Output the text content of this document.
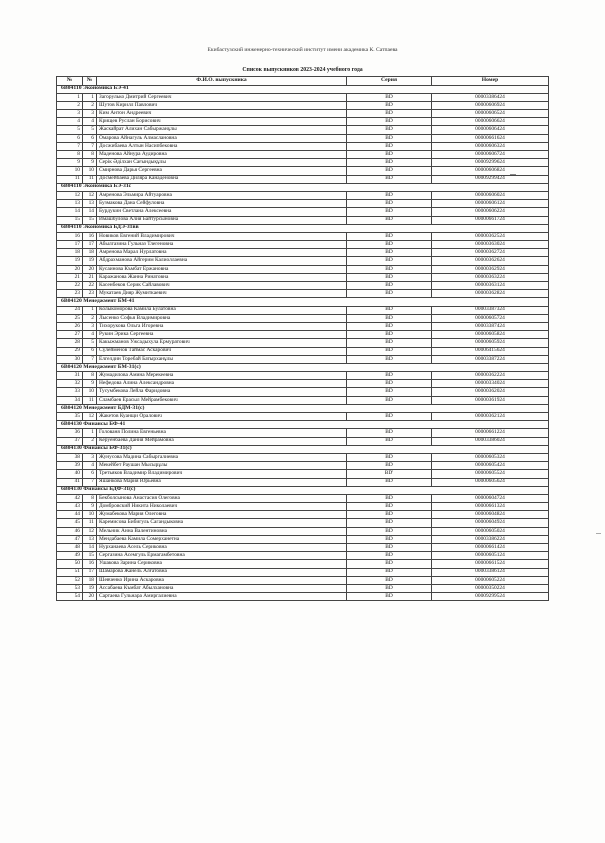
Екибастузский инженерно-технический институт имени академика К. Сатпаева
Список выпускников 2023-2024 учебного года
№	№	Ф.И.О. выпускника	Серия	Номер
6В04110 Экономика БЭ-41				
1	1	Загорулько Дмитрий Сергеевич	BD	00003386424
2	2	Шутов Кирилл Павлович	BD	00000606924
3	3	Ким Антон Андреевич	BD	00000606524
4	4	Крищев Руслан Борисович	BD	00000606624
5	5	Жаскайрат Алихан Сабыржанұлы	BD	00000606424
6	6	Омарова Айнагуль Алмаслановна	BD	00000661624
7	7	Досжибаева Алтын Насипбековна	BD	00000606324
8	8	Маденова Айнура Аудировна	BD	00000606724
9	9	Серік Әділхан Сағындықұлы	BD	00009299624
10	10	Смирнова Дарья Сергеевна	BD	00000606824
11	11	Досмейбаева Диляра Канаденовна	BD	00009299424
6В04110 Экономика БЭ-31с				
12	12	Амренова Эльмира Айтуаровна	BD	00000606024
13	13	Бузмакова Дана Сейфуловна	BD	00000606124
14	14	Бурдукин Светлана Алексеевна	BD	00000606224
15	15	Имашбулова Алия Байтурсыновна	BD	00000661724
6В04110 Экономика БДЭ-31вв				
16	16	Новиков Евгений Владимирович	BD	00000362524
17	17	Абылгазина Гульназ Тлегеновна	BD	00000363024
18	18	Амренова Марал Нурлатовна	BD	00000362724
19	19	Абдрахманова Айгерим Калиоллаевна	BD	00000362624
20	20	Кусаинова Къмбат Ержановна	BD	00000362924
21	21	Каражанова Жанна Ринатовна	BD	00000363224
22	22	Касенбеков Серик Сайлавович	BD	00000363124
23	23	Мукатаев Дияр Жумиткаевич	BD	00000362824
6В04120 Менеджмент БМ-41				
24	1	Колыкоморова Камила Булатовна	BD	00003387324
25	2	Лысенко Софья Владимировна	BD	00000605724
26	3	Тихорукова Ольга Игоревна	BD	00003387424
27	4	Рукин Эрика Сергеевна	BD	00000605824
28	5	Какыжманов Ужсадыхула Ермуратович	BD	00000605924
29	6	Сүлейменов Таймас Аскарович	BD	00006415624
30	7	Елгелдин Торебай Батырханұлы	BD	00003387224
6В04120 Менеджмент БМ-31(с)				
31	8	Жумадилова Амина Мерекеевна	BD	00000362224
32	9	Нефедова Алина Александровна	BD	00000334024
33	10	Тусумбекова Лейла Фаридовна	BD	00000362024
34	11	Сламбаев Ерасыл Мейрамбекович	BD	00000361924
6В04120 Менеджмент БДМ-31(с)				
35	12	Жакетов Куанщи Оралович	BD	00000362124
6В04130 Финансы БФ-41				
36	1	Голованя Полина Евгеньевна	BD	00000661224
37	2	Керуенбаева Дания Мейрамовна	BD	00003386024
6В04130 Финансы БФ-31(с)				
38	3	Жунусова Мадина Сабыргалиевна	BD	00000605324
39	4	Мекейбет Раушан Мысырұлы	BD	00000605424
40	6	Третьяков Владимир Владимирович	BD'	00000605524
41	7	Яшанкова Мария Юрьевна	BD	00000605624
6В04130 Финансы БДФ-31(с)				
42	8	Бекболсынова Анастасия Олеговна	BD	00000604724
43	9	Домбровский Никита Николаевич	BD	00000661324
44	10	Жумабекова Мария Олеговна	BD	00000604824
45	11	Каремисова Бибигуль Сагандыковна	BD	00000604924
46	12	Мельник Анна Валентиновна	BD	00000605024
47	13	Мендабаева Камила Сомерханетна	BD	00003386224
48	14	Нурханаева Асель Сериковна	BD	00000661424
49	15	Сергазина Асемгуль Ермагамбетовна	BD	00000605124
50	16	Ушакова Зарина Сериковна	BD	00000661524
51	17	Шамарова Жанель Алғатовна	BD	00003386124
52	18	Шевченко Ирина Аскаровна	BD	00000605224
53	19	Ассабаева Къмбат Абылхановна	BD	00000350224
54	20	Сартаева Гульнара Амиргалиевна	BD	00009299524
